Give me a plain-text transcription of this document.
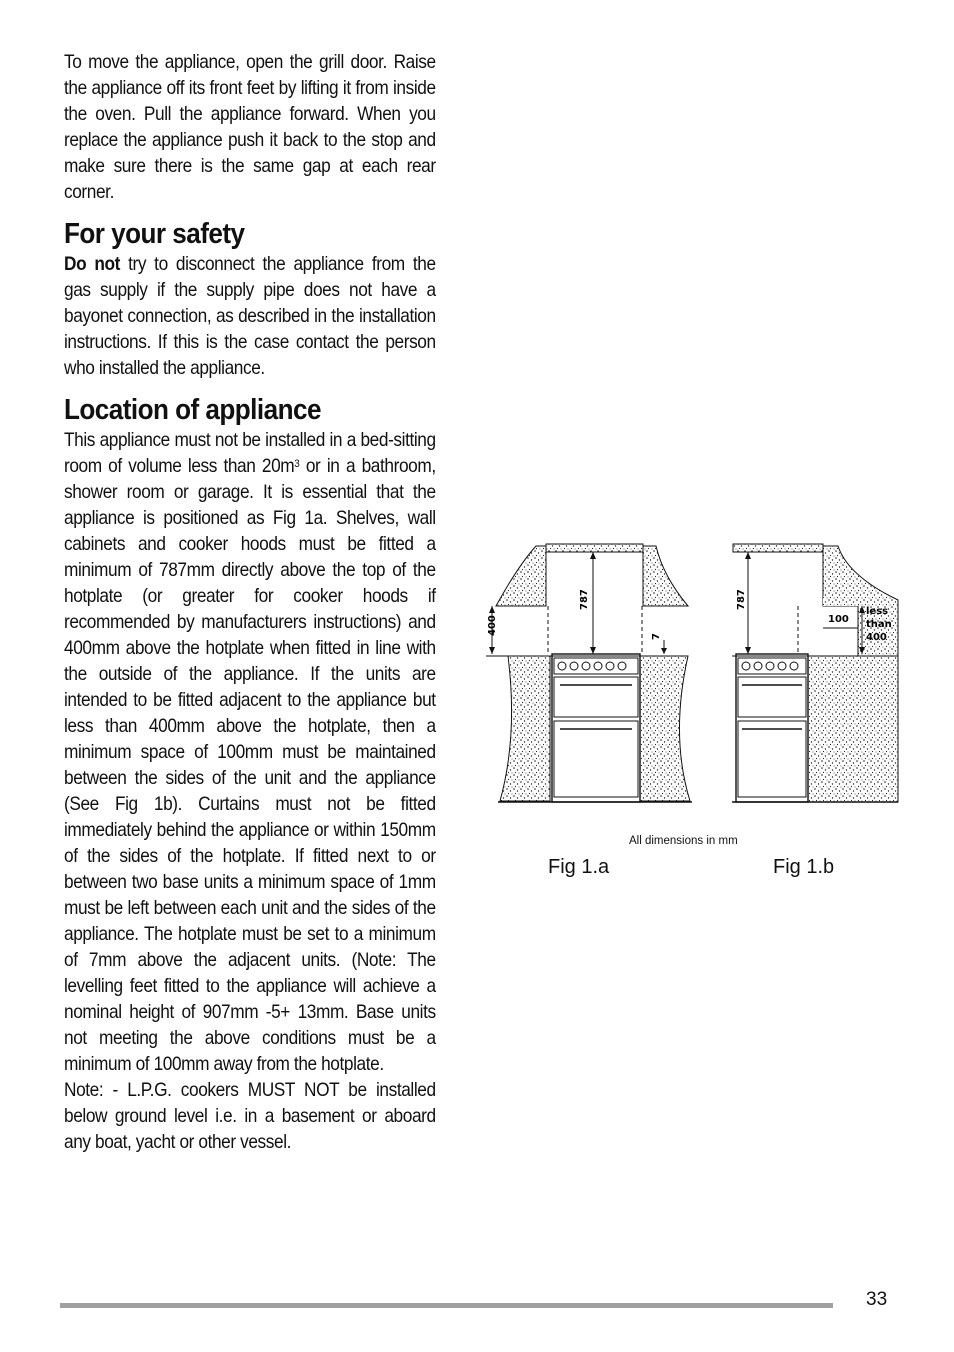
To move the appliance, open the grill door. Raise the appliance off its front feet by lifting it from inside the oven. Pull the appliance forward. When you replace the appliance push it back to the stop and make sure there is the same gap at each rear corner.

For your safety

Do not try to disconnect the appliance from the gas supply if the supply pipe does not have a bayonet connection, as described in the installation instructions. If this is the case contact the person who installed the appliance.

Location of appliance

This appliance must not be installed in a bed-sitting room of volume less than $20m^3$ or in a bathroom, shower room or garage. It is essential that the appliance is positioned as Fig 1a. Shelves, wall cabinets and cooker hoods must be fitted a minimum of 787mm directly above the top of the hotplate (or greater for cooker hoods if recommended by manufacturers instructions) and 400mm above the hotplate when fitted in line with the outside of the appliance. If the units are intended to be fitted adjacent to the appliance but less than 400mm above the hotplate, then a minimum space of 100mm must be maintained between the sides of the unit and the appliance (See Fig 1b). Curtains must not be fitted immediately behind the appliance or within 150mm of the sides of the hotplate. If fitted next to or between two base units a minimum space of 1mm must be left between each unit and the sides of the appliance. The hotplate must be set to a minimum of 7mm above the adjacent units. (Note: The levelling feet fitted to the appliance will achieve a nominal height of 907mm -5+ 13mm. Base units not meeting the above conditions must be a minimum of 100mm away from the hotplate.

Note: - L.P.G. cookers MUST NOT be installed below ground level i.e. in a basement or aboard any boat, yacht or other vessel.

400
787
7
787
100
less
than
400
All dimensions in mm
Fig 1.a	Fig 1.b
33
